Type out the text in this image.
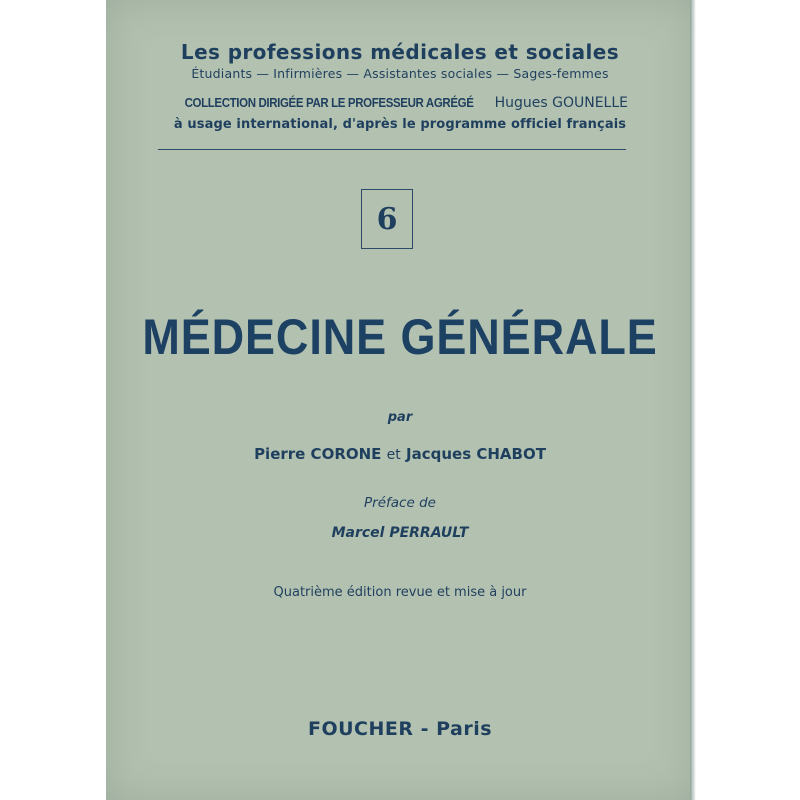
Les professions médicales et sociales
Étudiants — Infirmières — Assistantes sociales — Sages-femmes
COLLECTION DIRIGÉE PAR LE PROFESSEUR AGRÉGÉ Hugues GOUNELLE
à usage international, d'après le programme officiel français
6
MÉDECINE GÉNÉRALE
par
Pierre CORONE et Jacques CHABOT
Préface de
Marcel PERRAULT
Quatrième édition revue et mise à jour
FOUCHER - Paris
